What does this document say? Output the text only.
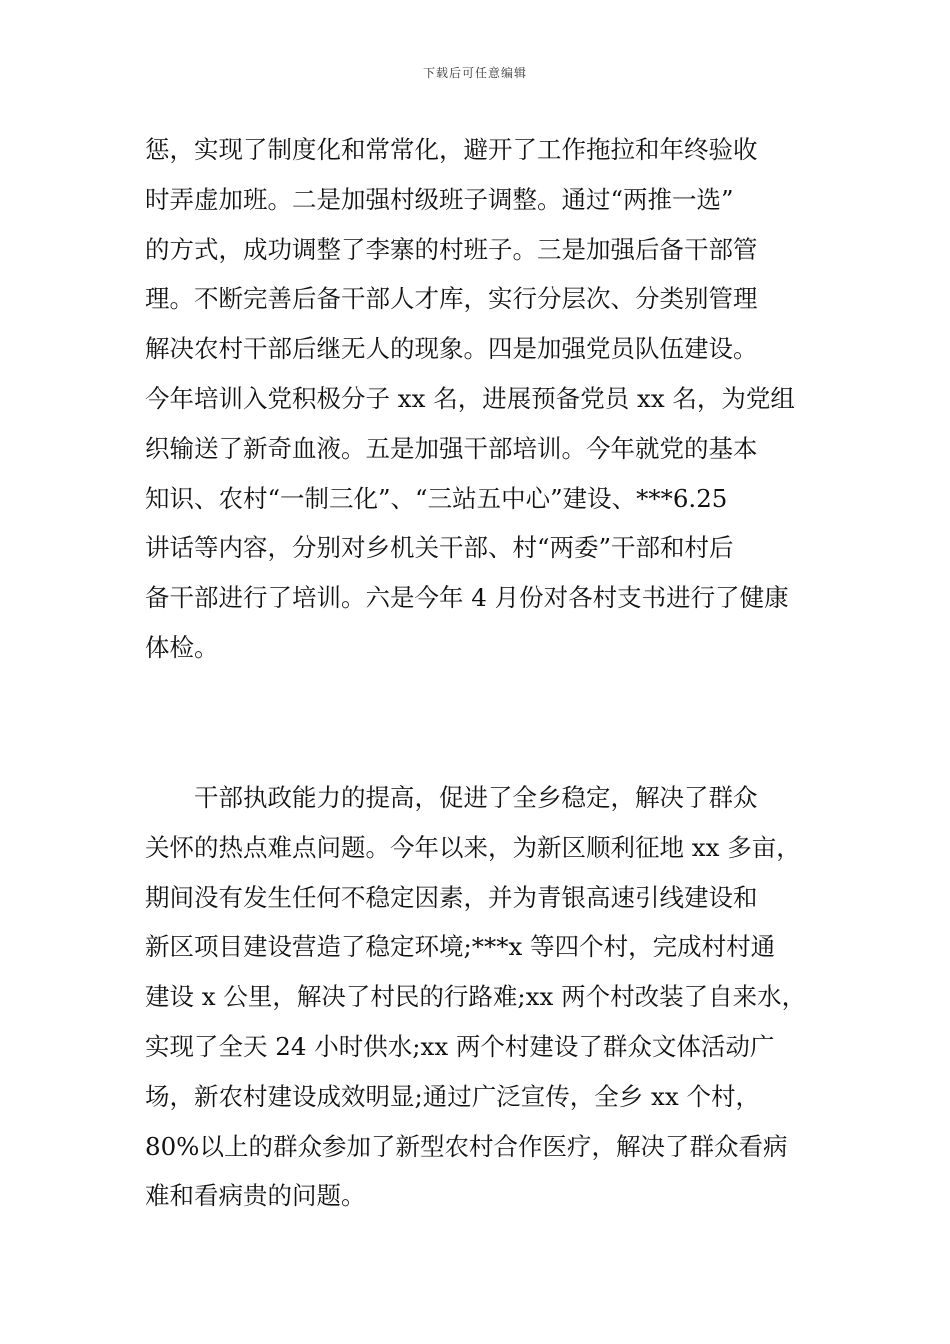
下载后可任意编辑
惩，实现了制度化和常常化，避开了工作拖拉和年终验收
时弄虚加班。二是加强村级班子调整。通过“两推一选”
的方式，成功调整了李寨的村班子。三是加强后备干部管
理。不断完善后备干部人才库，实行分层次、分类别管理
解决农村干部后继无人的现象。四是加强党员队伍建设。
今年培训入党积极分子 xx 名，进展预备党员 xx 名，为党组
织输送了新奇血液。五是加强干部培训。今年就党的基本
知识、农村“一制三化”、“三站五中心”建设、***6.25
讲话等内容，分别对乡机关干部、村“两委”干部和村后
备干部进行了培训。六是今年 4 月份对各村支书进行了健康
体检。
干部执政能力的提高，促进了全乡稳定，解决了群众
关怀的热点难点问题。今年以来，为新区顺利征地 xx 多亩，
期间没有发生任何不稳定因素，并为青银高速引线建设和
新区项目建设营造了稳定环境;***x 等四个村，完成村村通
建设 x 公里，解决了村民的行路难;xx 两个村改装了自来水，
实现了全天 24 小时供水;xx 两个村建设了群众文体活动广
场，新农村建设成效明显;通过广泛宣传，全乡 xx 个村，
80%以上的群众参加了新型农村合作医疗，解决了群众看病
难和看病贵的问题。
